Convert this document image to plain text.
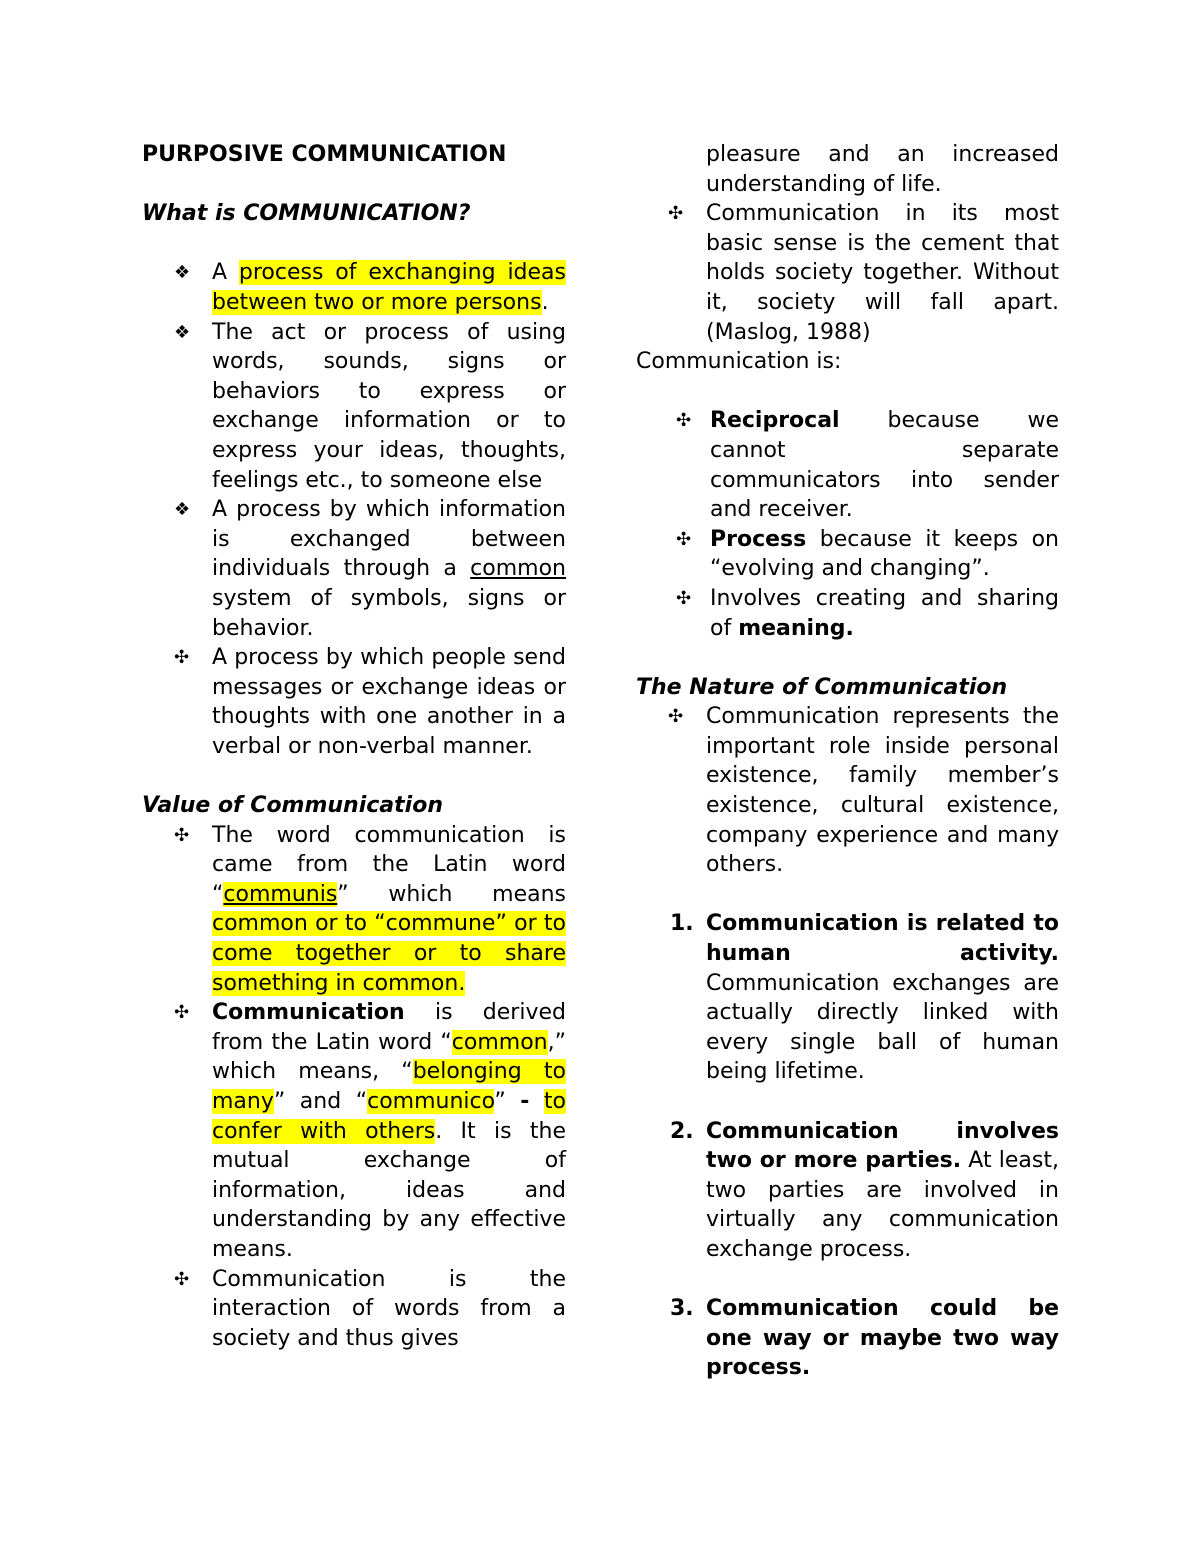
PURPOSIVE COMMUNICATION

What is COMMUNICATION?

❖ A process of exchanging ideas between two or more persons.
❖ The act or process of using words, sounds, signs or behaviors to express or exchange information or to express your ideas, thoughts, feelings etc., to someone else
❖ A process by which information is exchanged between individuals through a common system of symbols, signs or behavior.
✣	A process by which people send messages or exchange ideas or thoughts with one another in a verbal or non-verbal manner.

Value of Communication

✣	The word communication is came from the Latin word “communis” which means common or to “commune” or to come together or to share something in common.
✣	Communication is derived from the Latin word “common,” which means, “belonging to many” and “communico” - to confer with others. It is the mutual exchange of information, ideas and understanding by any effective means.
✣	Communication is the interaction of words from a society and thus gives

pleasure and an increased understanding of life.

✣	Communication in its most basic sense is the cement that holds society together. Without it, society will fall apart. (Maslog, 1988)

Communication is:

✣ Reciprocal because we cannot separate communicators into sender and receiver.
✣ Process because it keeps on “evolving and changing”.
✣ Involves creating and sharing of meaning.

The Nature of Communication

✣	Communication represents the important role inside personal existence, family member’s existence, cultural existence, company experience and many others.
1. Communication is related to human activity. Communication exchanges are actually directly linked with every single ball of human being lifetime.
2. Communication involves two or more parties. At least, two parties are involved in virtually any communication exchange process.
3. Communication could be one way or maybe two way process.
